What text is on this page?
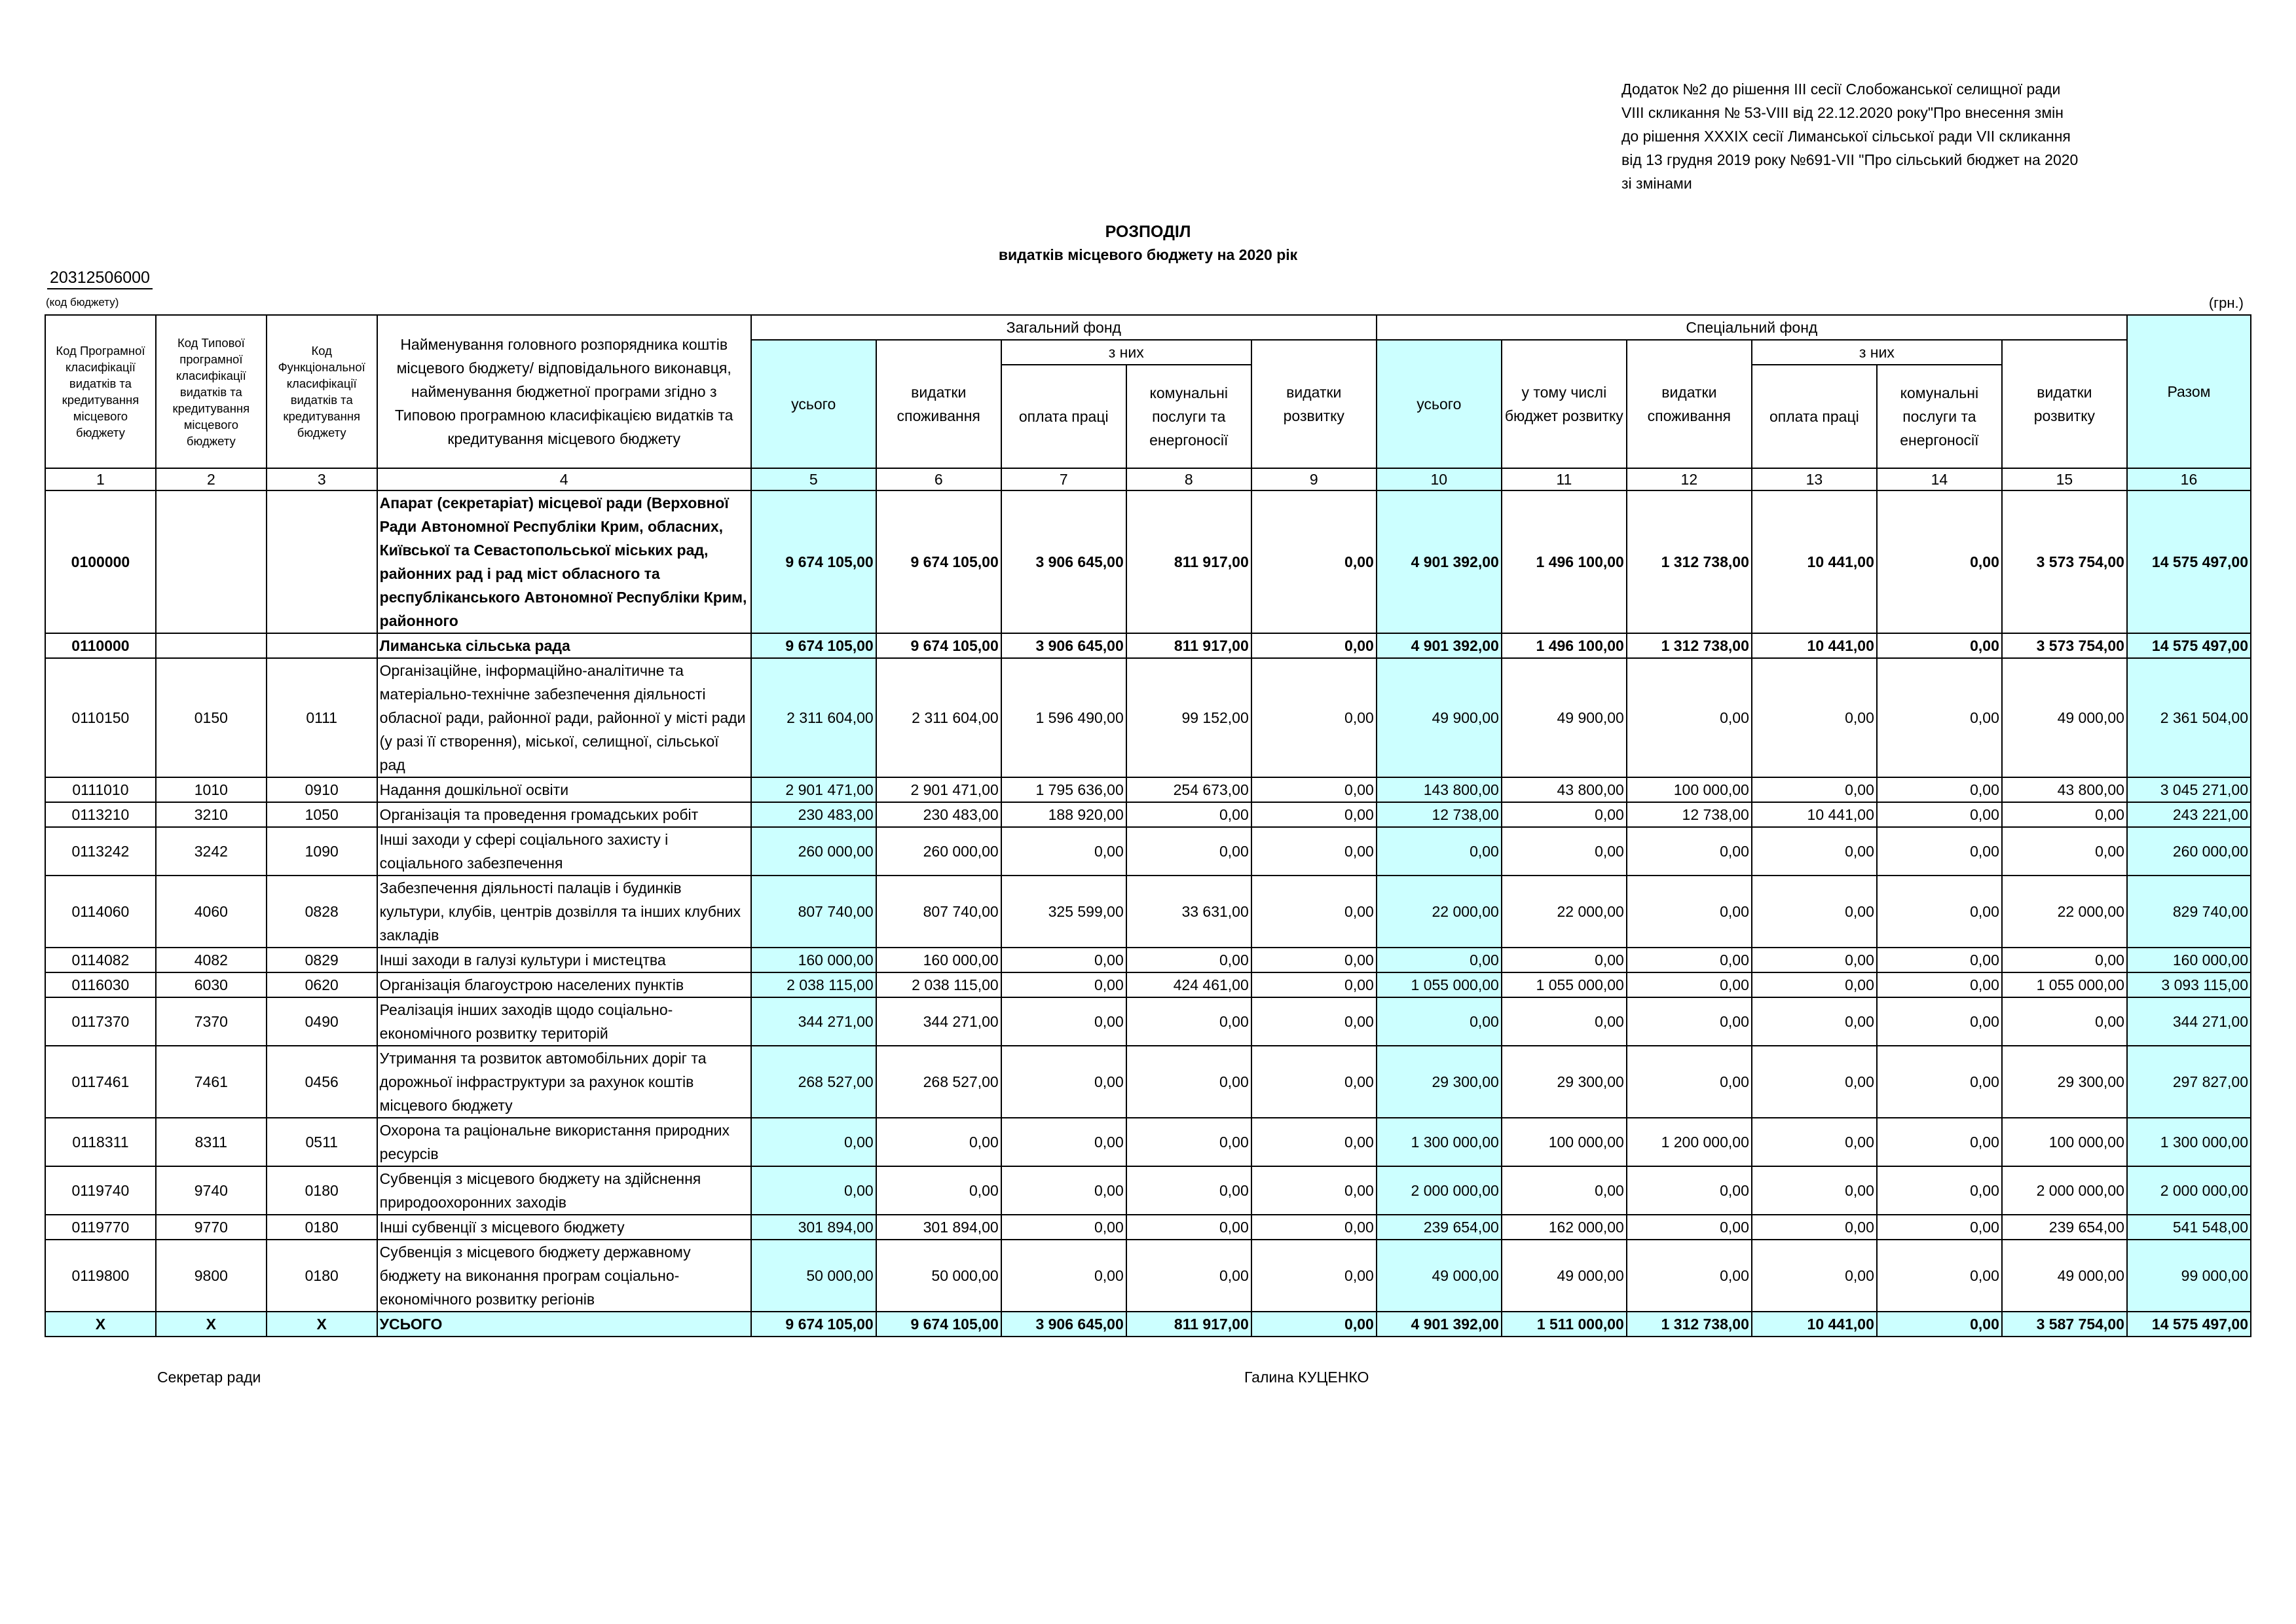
Додаток №2 до рішення ІІІ сесії Слобожанської селищної ради
VІІІ скликання № 53-VІІІ від 22.12.2020 року"Про внесення змін
до рішення ХХХІХ сесії Лиманської сільської ради VІІ скликання
від 13 грудня 2019 року №691-VІІ "Про сільський бюджет на 2020
зі змінами
РОЗПОДІЛ
видатків місцевого бюджету на 2020 рік
20312506000
(код бюджету)	(грн.)
Код Програмної класифікації видатків та кредитування місцевого бюджету	Код Типової програмної класифікації видатків та кредитування місцевого бюджету	Код Функціональної класифікації видатків та кредитування бюджету	Найменування головного розпорядника коштів місцевого бюджету/ відповідального виконавця, найменування бюджетної програми згідно з Типовою програмною класифікацією видатків та кредитування місцевого бюджету	Загальний фонд					Спеціальний фонд						Разом
				усього	видатки споживання	з них		видатки розвитку	усього	у тому числі бюджет розвитку	видатки споживання	з них		видатки розвитку	
						оплата праці	комунальні послуги та енергоносії					оплата праці	комунальні послуги та енергоносії		
1	2	3	4	5	6	7	8	9	10	11	12	13	14	15	16
0100000			Апарат (секретаріат) місцевої ради (Верховної Ради Автономної Республіки Крим, обласних, Київської та Севастопольської міських рад, районних рад і рад міст обласного та республіканського Автономної Республіки Крим, районного	9 674 105,00	9 674 105,00	3 906 645,00	811 917,00	0,00	4 901 392,00	1 496 100,00	1 312 738,00	10 441,00	0,00	3 573 754,00	14 575 497,00
0110000			Лиманська сільська рада	9 674 105,00	9 674 105,00	3 906 645,00	811 917,00	0,00	4 901 392,00	1 496 100,00	1 312 738,00	10 441,00	0,00	3 573 754,00	14 575 497,00
0110150	0150	0111	Організаційне, інформаційно-аналітичне та матеріально-технічне забезпечення діяльності обласної ради, районної ради, районної у місті ради (у разі її створення), міської, селищної, сільської рад	2 311 604,00	2 311 604,00	1 596 490,00	99 152,00	0,00	49 900,00	49 900,00	0,00	0,00	0,00	49 000,00	2 361 504,00
0111010	1010	0910	Надання дошкільної освіти	2 901 471,00	2 901 471,00	1 795 636,00	254 673,00	0,00	143 800,00	43 800,00	100 000,00	0,00	0,00	43 800,00	3 045 271,00
0113210	3210	1050	Організація та проведення громадських робіт	230 483,00	230 483,00	188 920,00	0,00	0,00	12 738,00	0,00	12 738,00	10 441,00	0,00	0,00	243 221,00
0113242	3242	1090	Інші заходи у сфері соціального захисту і соціального забезпечення	260 000,00	260 000,00	0,00	0,00	0,00	0,00	0,00	0,00	0,00	0,00	0,00	260 000,00
0114060	4060	0828	Забезпечення діяльності палаців i будинків культури, клубів, центрів дозвілля та iнших клубних закладів	807 740,00	807 740,00	325 599,00	33 631,00	0,00	22 000,00	22 000,00	0,00	0,00	0,00	22 000,00	829 740,00
0114082	4082	0829	Інші заходи в галузі культури і мистецтва	160 000,00	160 000,00	0,00	0,00	0,00	0,00	0,00	0,00	0,00	0,00	0,00	160 000,00
0116030	6030	0620	Організація благоустрою населених пунктів	2 038 115,00	2 038 115,00	0,00	424 461,00	0,00	1 055 000,00	1 055 000,00	0,00	0,00	0,00	1 055 000,00	3 093 115,00
0117370	7370	0490	Реалізація інших заходів щодо соціально-економічного розвитку територій	344 271,00	344 271,00	0,00	0,00	0,00	0,00	0,00	0,00	0,00	0,00	0,00	344 271,00
0117461	7461	0456	Утримання та розвиток автомобільних доріг та дорожньої інфраструктури за рахунок коштів місцевого бюджету	268 527,00	268 527,00	0,00	0,00	0,00	29 300,00	29 300,00	0,00	0,00	0,00	29 300,00	297 827,00
0118311	8311	0511	Охорона та раціональне використання природних ресурсів	0,00	0,00	0,00	0,00	0,00	1 300 000,00	100 000,00	1 200 000,00	0,00	0,00	100 000,00	1 300 000,00
0119740	9740	0180	Субвенція з місцевого бюджету на здійснення природоохоронних заходів	0,00	0,00	0,00	0,00	0,00	2 000 000,00	0,00	0,00	0,00	0,00	2 000 000,00	2 000 000,00
0119770	9770	0180	Інші субвенції з місцевого бюджету	301 894,00	301 894,00	0,00	0,00	0,00	239 654,00	162 000,00	0,00	0,00	0,00	239 654,00	541 548,00
0119800	9800	0180	Субвенція з місцевого бюджету державному бюджету на виконання програм соціально-економічного розвитку регіонів	50 000,00	50 000,00	0,00	0,00	0,00	49 000,00	49 000,00	0,00	0,00	0,00	49 000,00	99 000,00
X	X	X	УСЬОГО	9 674 105,00	9 674 105,00	3 906 645,00	811 917,00	0,00	4 901 392,00	1 511 000,00	1 312 738,00	10 441,00	0,00	3 587 754,00	14 575 497,00
Секретар ради	Галина КУЦЕНКО
